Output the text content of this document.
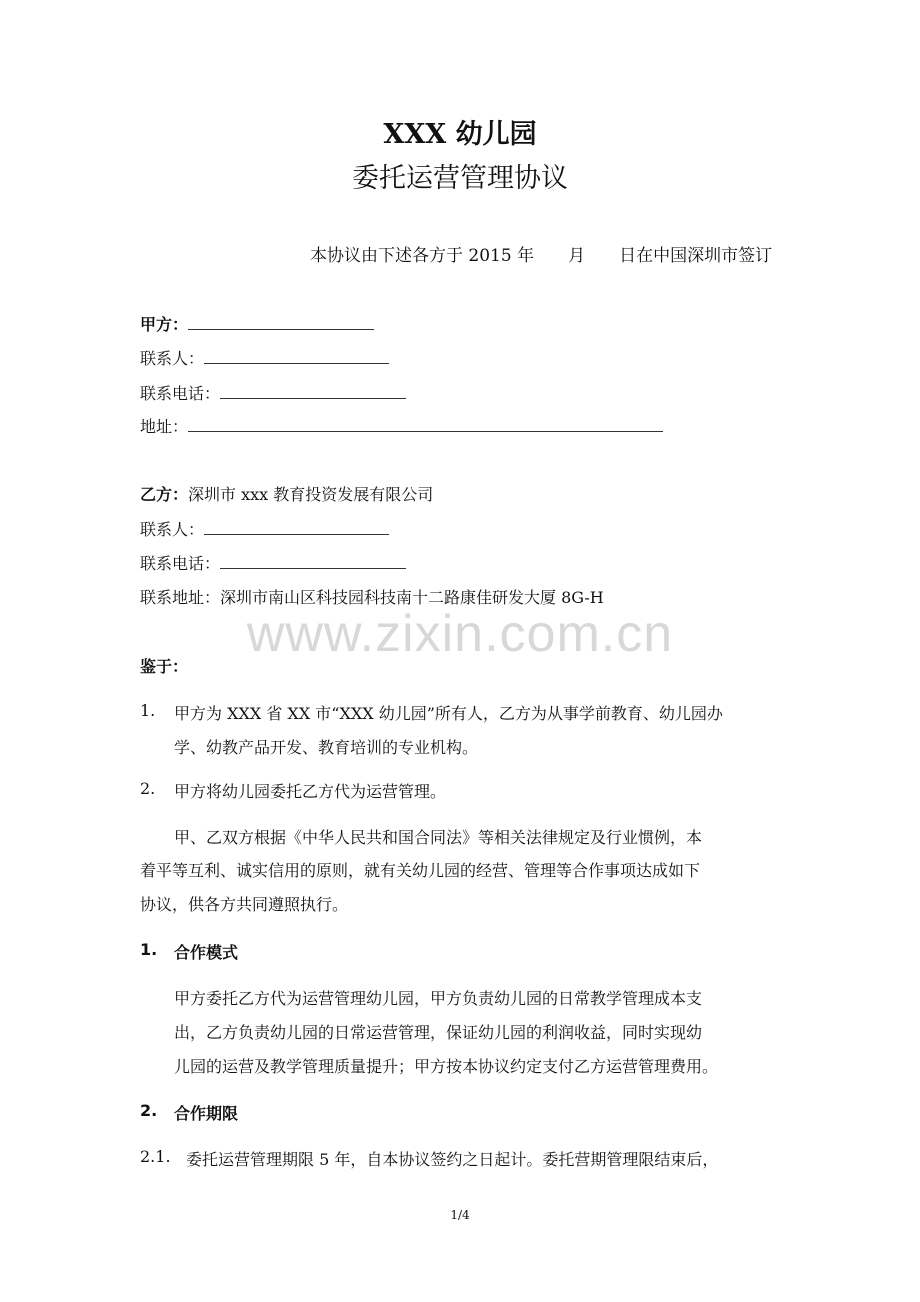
XXX 幼儿园
委托运营管理协议
本协议由下述各方于 2015 年 月 日在中国深圳市签订
甲方：
联系人：
联系电话：
地址：
乙方：深圳市 xxx 教育投资发展有限公司
联系人：
联系电话：
联系地址：深圳市南山区科技园科技南十二路康佳研发大厦 8G-H
www.zixin.com.cn
鉴于：
1. 甲方为 XXX 省 XX 市“XXX 幼儿园”所有人，乙方为从事学前教育、幼儿园办
学、幼教产品开发、教育培训的专业机构。
2. 甲方将幼儿园委托乙方代为运营管理。
甲、乙双方根据《中华人民共和国合同法》等相关法律规定及行业惯例，本
着平等互利、诚实信用的原则，就有关幼儿园的经营、管理等合作事项达成如下
协议，供各方共同遵照执行。
1. 合作模式
甲方委托乙方代为运营管理幼儿园，甲方负责幼儿园的日常教学管理成本支
出，乙方负责幼儿园的日常运营管理，保证幼儿园的利润收益，同时实现幼
儿园的运营及教学管理质量提升；甲方按本协议约定支付乙方运营管理费用。
2. 合作期限
2.1. 委托运营管理期限 5 年，自本协议签约之日起计。委托营期管理限结束后，
1/4
